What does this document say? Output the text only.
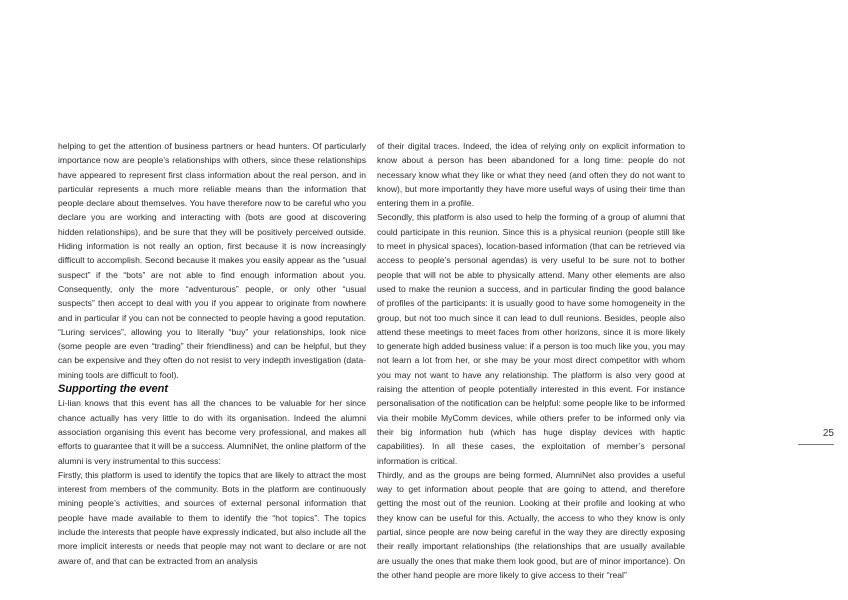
helping to get the attention of business partners or head hunters. Of particularly importance now are people’s relationships with others, since these relationships have appeared to represent first class information about the real person, and in particular represents a much more reliable means than the information that people declare about themselves. You have therefore now to be careful who you declare you are working and interacting with (bots are good at discovering hidden relationships), and be sure that they will be positively perceived outside. Hiding information is not really an option, first because it is now increasingly difficult to accomplish. Second because it makes you easily appear as the “usual suspect” if the “bots” are not able to find enough information about you. Consequently, only the more “adventurous” people, or only other “usual suspects” then accept to deal with you if you appear to originate from nowhere and in particular if you can not be connected to people having a good reputation. “Luring services”, allowing you to literally “buy” your relationships, look nice (some people are even “trading” their friendliness) and can be helpful, but they can be expensive and they often do not resist to very indepth investigation (data-mining tools are difficult to fool).

Supporting the event

Li-lian knows that this event has all the chances to be valuable for her since chance actually has very little to do with its organisation. Indeed the alumni association organising this event has become very professional, and makes all efforts to guarantee that it will be a success. AlumniNet, the online platform of the alumni is very instrumental to this success:

Firstly, this platform is used to identify the topics that are likely to attract the most interest from members of the community. Bots in the platform are continuously mining people’s activities, and sources of external personal information that people have made available to them to identify the “hot topics”. The topics include the interests that people have expressly indicated, but also include all the more implicit interests or needs that people may not want to declare or are not aware of, and that can be extracted from an analysis

of their digital traces. Indeed, the idea of relying only on explicit information to know about a person has been abandoned for a long time: people do not necessary know what they like or what they need (and often they do not want to know), but more importantly they have more useful ways of using their time than entering them in a profile.

Secondly, this platform is also used to help the forming of a group of alumni that could participate in this reunion. Since this is a physical reunion (people still like to meet in physical spaces), location-based information (that can be retrieved via access to people’s personal agendas) is very useful to be sure not to bother people that will not be able to physically attend. Many other elements are also used to make the reunion a success, and in particular finding the good balance of profiles of the participants: it is usually good to have some homogeneity in the group, but not too much since it can lead to dull reunions. Besides, people also attend these meetings to meet faces from other horizons, since it is more likely to generate high added business value: if a person is too much like you, you may not learn a lot from her, or she may be your most direct competitor with whom you may not want to have any relationship. The platform is also very good at raising the attention of people potentially interested in this event. For instance personalisation of the notification can be helpful: some people like to be informed via their mobile MyComm devices, while others prefer to be informed only via their big information hub (which has huge display devices with haptic capabilities). In all these cases, the exploitation of member’s personal information is critical.

Thirdly, and as the groups are being formed, AlumniNet also provides a useful way to get information about people that are going to attend, and therefore getting the most out of the reunion. Looking at their profile and looking at who they know can be useful for this. Actually, the access to who they know is only partial, since people are now being careful in the way they are directly exposing their really important relationships (the relationships that are usually available are usually the ones that make them look good, but are of minor importance). On the other hand people are more likely to give access to their “real”

25
